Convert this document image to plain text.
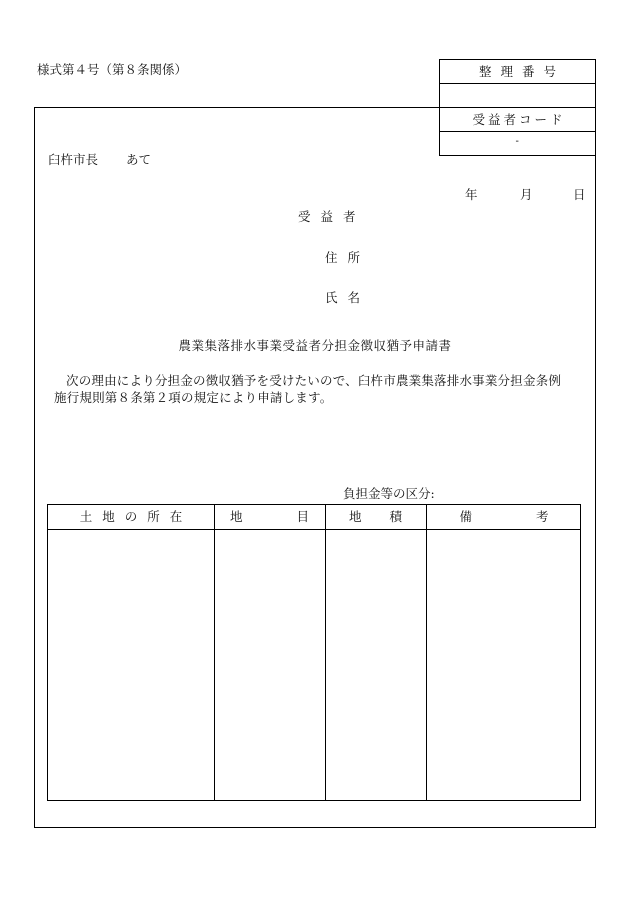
様式第４号（第８条関係）	整理番号
受益者コード
-
臼杵市長 あて
年	月	日
受益者
住所
氏名
農業集落排水事業受益者分担金徴収猶予申請書
次の理由により分担金の徴収猶予を受けたいので、臼杵市農業集落排水事業分担金条例施行規則第８条第２項の規定により申請します。
負担金等の区分:
土地の所在	地 目	地 積	備 考
